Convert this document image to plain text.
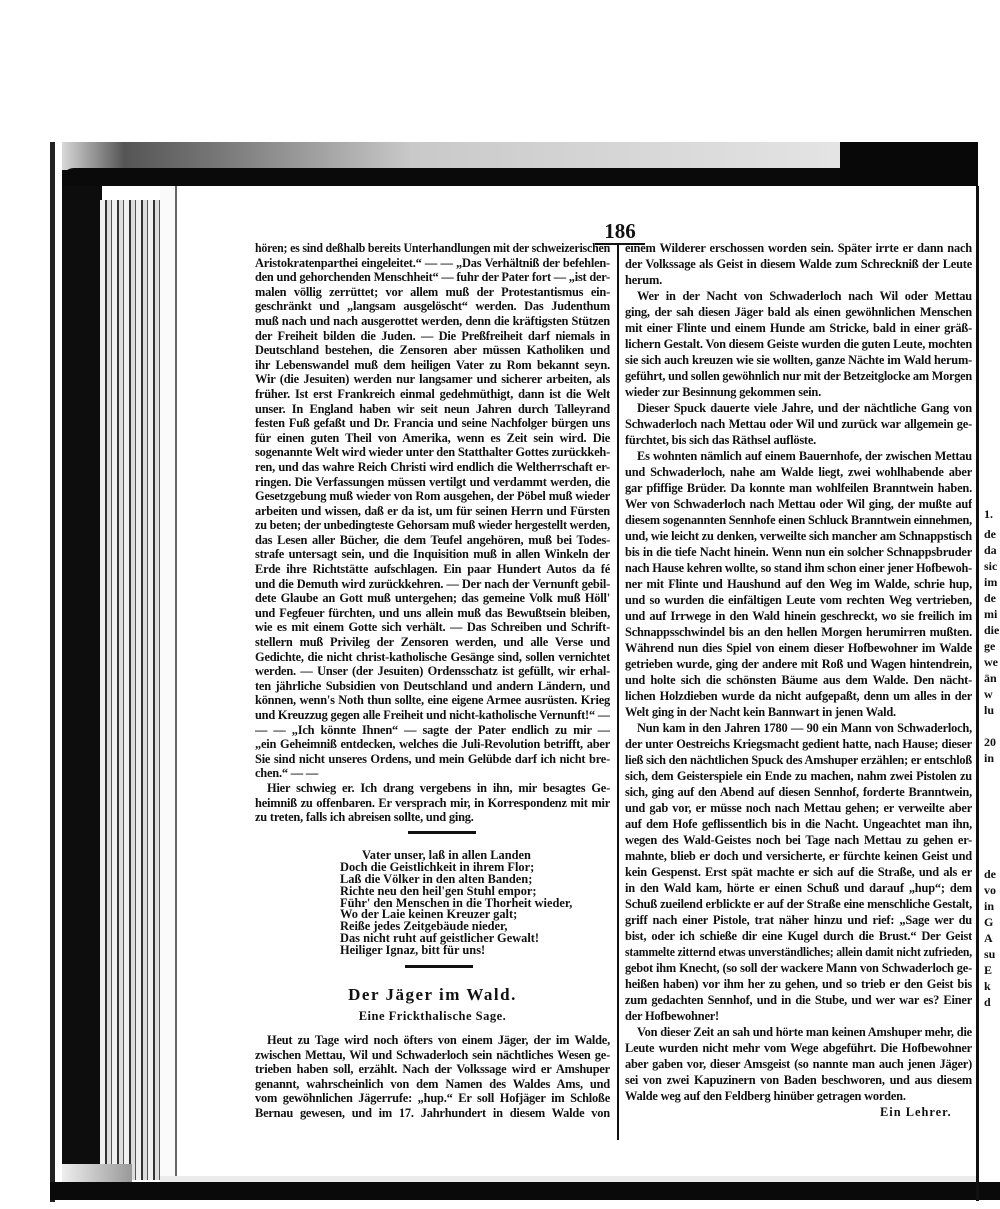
1.
de
da
sic
im
de
mi
die
ge
we
än
w
lu
20
in
de
vo
in
G
A
su
E
k
d
186
hören; es sind deßhalb bereits Unterhandlungen mit der schweizerischen
Aristokratenparthei eingeleitet.“ — — „Das Verhältniß der befehlen-
den und gehorchenden Menschheit“ — fuhr der Pater fort — „ist der-
malen völlig zerrüttet; vor allem muß der Protestantismus ein-
geschränkt und „langsam ausgelöscht“ werden. Das Judenthum
muß nach und nach ausgerottet werden, denn die kräftigsten Stützen
der Freiheit bilden die Juden. — Die Preßfreiheit darf niemals in
Deutschland bestehen, die Zensoren aber müssen Katholiken und
ihr Lebenswandel muß dem heiligen Vater zu Rom bekannt seyn.
Wir (die Jesuiten) werden nur langsamer und sicherer arbeiten, als
früher. Ist erst Frankreich einmal gedehmüthigt, dann ist die Welt
unser. In England haben wir seit neun Jahren durch Talleyrand
festen Fuß gefaßt und Dr. Francia und seine Nachfolger bürgen uns
für einen guten Theil von Amerika, wenn es Zeit sein wird. Die
sogenannte Welt wird wieder unter den Statthalter Gottes zurückkeh-
ren, und das wahre Reich Christi wird endlich die Weltherrschaft er-
ringen. Die Verfassungen müssen vertilgt und verdammt werden, die
Gesetzgebung muß wieder von Rom ausgehen, der Pöbel muß wieder
arbeiten und wissen, daß er da ist, um für seinen Herrn und Fürsten
zu beten; der unbedingteste Gehorsam muß wieder hergestellt werden,
das Lesen aller Bücher, die dem Teufel angehören, muß bei Todes-
strafe untersagt sein, und die Inquisition muß in allen Winkeln der
Erde ihre Richtstätte aufschlagen. Ein paar Hundert Autos da fé
und die Demuth wird zurückkehren. — Der nach der Vernunft gebil-
dete Glaube an Gott muß untergehen; das gemeine Volk muß Höll'
und Fegfeuer fürchten, und uns allein muß das Bewußtsein bleiben,
wie es mit einem Gotte sich verhält. — Das Schreiben und Schrift-
stellern muß Privileg der Zensoren werden, und alle Verse und
Gedichte, die nicht christ-katholische Gesänge sind, sollen vernichtet
werden. — Unser (der Jesuiten) Ordensschatz ist gefüllt, wir erhal-
ten jährliche Subsidien von Deutschland und andern Ländern, und
können, wenn's Noth thun sollte, eine eigene Armee ausrüsten. Krieg
und Kreuzzug gegen alle Freiheit und nicht-katholische Vernunft!“ —
— — „Ich könnte Ihnen“ — sagte der Pater endlich zu mir —
„ein Geheimniß entdecken, welches die Juli-Revolution betrifft, aber
Sie sind nicht unseres Ordens, und mein Gelübde darf ich nicht bre-
chen.“ — —
Hier schwieg er. Ich drang vergebens in ihn, mir besagtes Ge-
heimniß zu offenbaren. Er versprach mir, in Korrespondenz mit mir
zu treten, falls ich abreisen sollte, und ging.
Vater unser, laß in allen Landen
Doch die Geistlichkeit in ihrem Flor;
Laß die Völker in den alten Banden;
Richte neu den heil'gen Stuhl empor;
Führ' den Menschen in die Thorheit wieder,
Wo der Laie keinen Kreuzer galt;
Reiße jedes Zeitgebäude nieder,
Das nicht ruht auf geistlicher Gewalt!
Heiliger Ignaz, bitt für uns!
Der Jäger im Wald.
Eine Frickthalische Sage.
Heut zu Tage wird noch öfters von einem Jäger, der im Walde,
zwischen Mettau, Wil und Schwaderloch sein nächtliches Wesen ge-
trieben haben soll, erzählt. Nach der Volkssage wird er Amshuper
genannt, wahrscheinlich von dem Namen des Waldes Ams, und
vom gewöhnlichen Jägerrufe: „hup.“ Er soll Hofjäger im Schloße
Bernau gewesen, und im 17. Jahrhundert in diesem Walde von
einem Wilderer erschossen worden sein. Später irrte er dann nach
der Volkssage als Geist in diesem Walde zum Schreckniß der Leute
herum.
Wer in der Nacht von Schwaderloch nach Wil oder Mettau
ging, der sah diesen Jäger bald als einen gewöhnlichen Menschen
mit einer Flinte und einem Hunde am Stricke, bald in einer gräß-
lichern Gestalt. Von diesem Geiste wurden die guten Leute, mochten
sie sich auch kreuzen wie sie wollten, ganze Nächte im Wald herum-
geführt, und sollen gewöhnlich nur mit der Betzeitglocke am Morgen
wieder zur Besinnung gekommen sein.
Dieser Spuck dauerte viele Jahre, und der nächtliche Gang von
Schwaderloch nach Mettau oder Wil und zurück war allgemein ge-
fürchtet, bis sich das Räthsel auflöste.
Es wohnten nämlich auf einem Bauernhofe, der zwischen Mettau
und Schwaderloch, nahe am Walde liegt, zwei wohlhabende aber
gar pfiffige Brüder. Da konnte man wohlfeilen Branntwein haben.
Wer von Schwaderloch nach Mettau oder Wil ging, der mußte auf
diesem sogenannten Sennhofe einen Schluck Branntwein einnehmen,
und, wie leicht zu denken, verweilte sich mancher am Schnappstisch
bis in die tiefe Nacht hinein. Wenn nun ein solcher Schnappsbruder
nach Hause kehren wollte, so stand ihm schon einer jener Hofbewoh-
ner mit Flinte und Haushund auf den Weg im Walde, schrie hup,
und so wurden die einfältigen Leute vom rechten Weg vertrieben,
und auf Irrwege in den Wald hinein geschreckt, wo sie freilich im
Schnappsschwindel bis an den hellen Morgen herumirren mußten.
Während nun dies Spiel von einem dieser Hofbewohner im Walde
getrieben wurde, ging der andere mit Roß und Wagen hintendrein,
und holte sich die schönsten Bäume aus dem Walde. Den nächt-
lichen Holzdieben wurde da nicht aufgepaßt, denn um alles in der
Welt ging in der Nacht kein Bannwart in jenen Wald.
Nun kam in den Jahren 1780 — 90 ein Mann von Schwaderloch,
der unter Oestreichs Kriegsmacht gedient hatte, nach Hause; dieser
ließ sich den nächtlichen Spuck des Amshuper erzählen; er entschloß
sich, dem Geisterspiele ein Ende zu machen, nahm zwei Pistolen zu
sich, ging auf den Abend auf diesen Sennhof, forderte Branntwein,
und gab vor, er müsse noch nach Mettau gehen; er verweilte aber
auf dem Hofe geflissentlich bis in die Nacht. Ungeachtet man ihn,
wegen des Wald-Geistes noch bei Tage nach Mettau zu gehen er-
mahnte, blieb er doch und versicherte, er fürchte keinen Geist und
kein Gespenst. Erst spät machte er sich auf die Straße, und als er
in den Wald kam, hörte er einen Schuß und darauf „hup“; dem
Schuß zueilend erblickte er auf der Straße eine menschliche Gestalt,
griff nach einer Pistole, trat näher hinzu und rief: „Sage wer du
bist, oder ich schieße dir eine Kugel durch die Brust.“ Der Geist
stammelte zitternd etwas unverständliches; allein damit nicht zufrieden,
gebot ihm Knecht, (so soll der wackere Mann von Schwaderloch ge-
heißen haben) vor ihm her zu gehen, und so trieb er den Geist bis
zum gedachten Sennhof, und in die Stube, und wer war es? Einer
der Hofbewohner!
Von dieser Zeit an sah und hörte man keinen Amshuper mehr, die
Leute wurden nicht mehr vom Wege abgeführt. Die Hofbewohner
aber gaben vor, dieser Amsgeist (so nannte man auch jenen Jäger)
sei von zwei Kapuzinern von Baden beschworen, und aus diesem
Walde weg auf den Feldberg hinüber getragen worden.
Ein Lehrer.
